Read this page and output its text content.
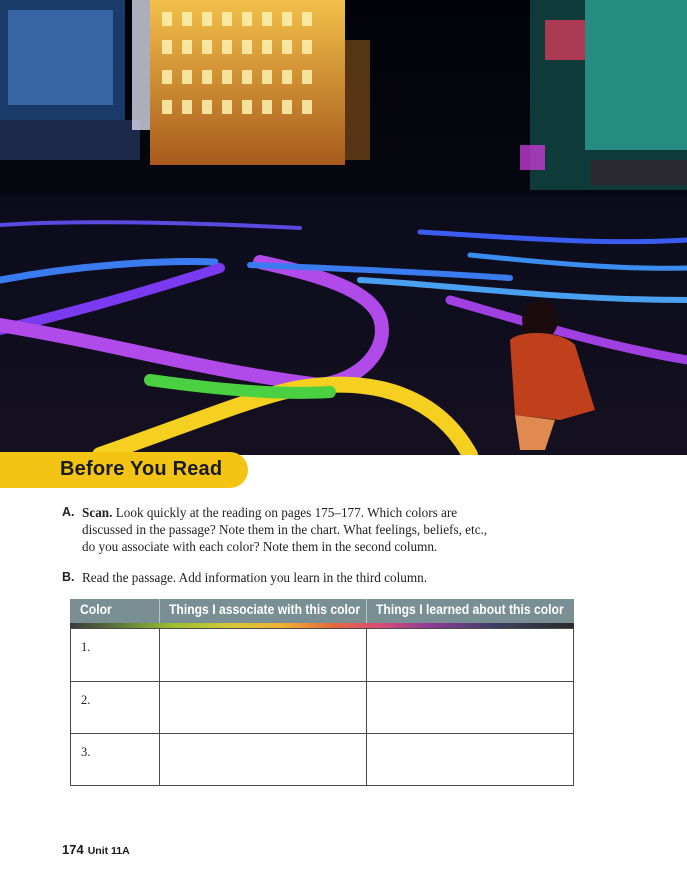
Before You Read
A. Scan. Look quickly at the reading on pages 175–177. Which colors are
discussed in the passage? Note them in the chart. What feelings, beliefs, etc.,
do you associate with each color? Note them in the second column.
B. Read the passage. Add information you learn in the third column.
Color	Things I associate with this color Things I learned about this color
1.
2.
3.
174 Unit 11A
